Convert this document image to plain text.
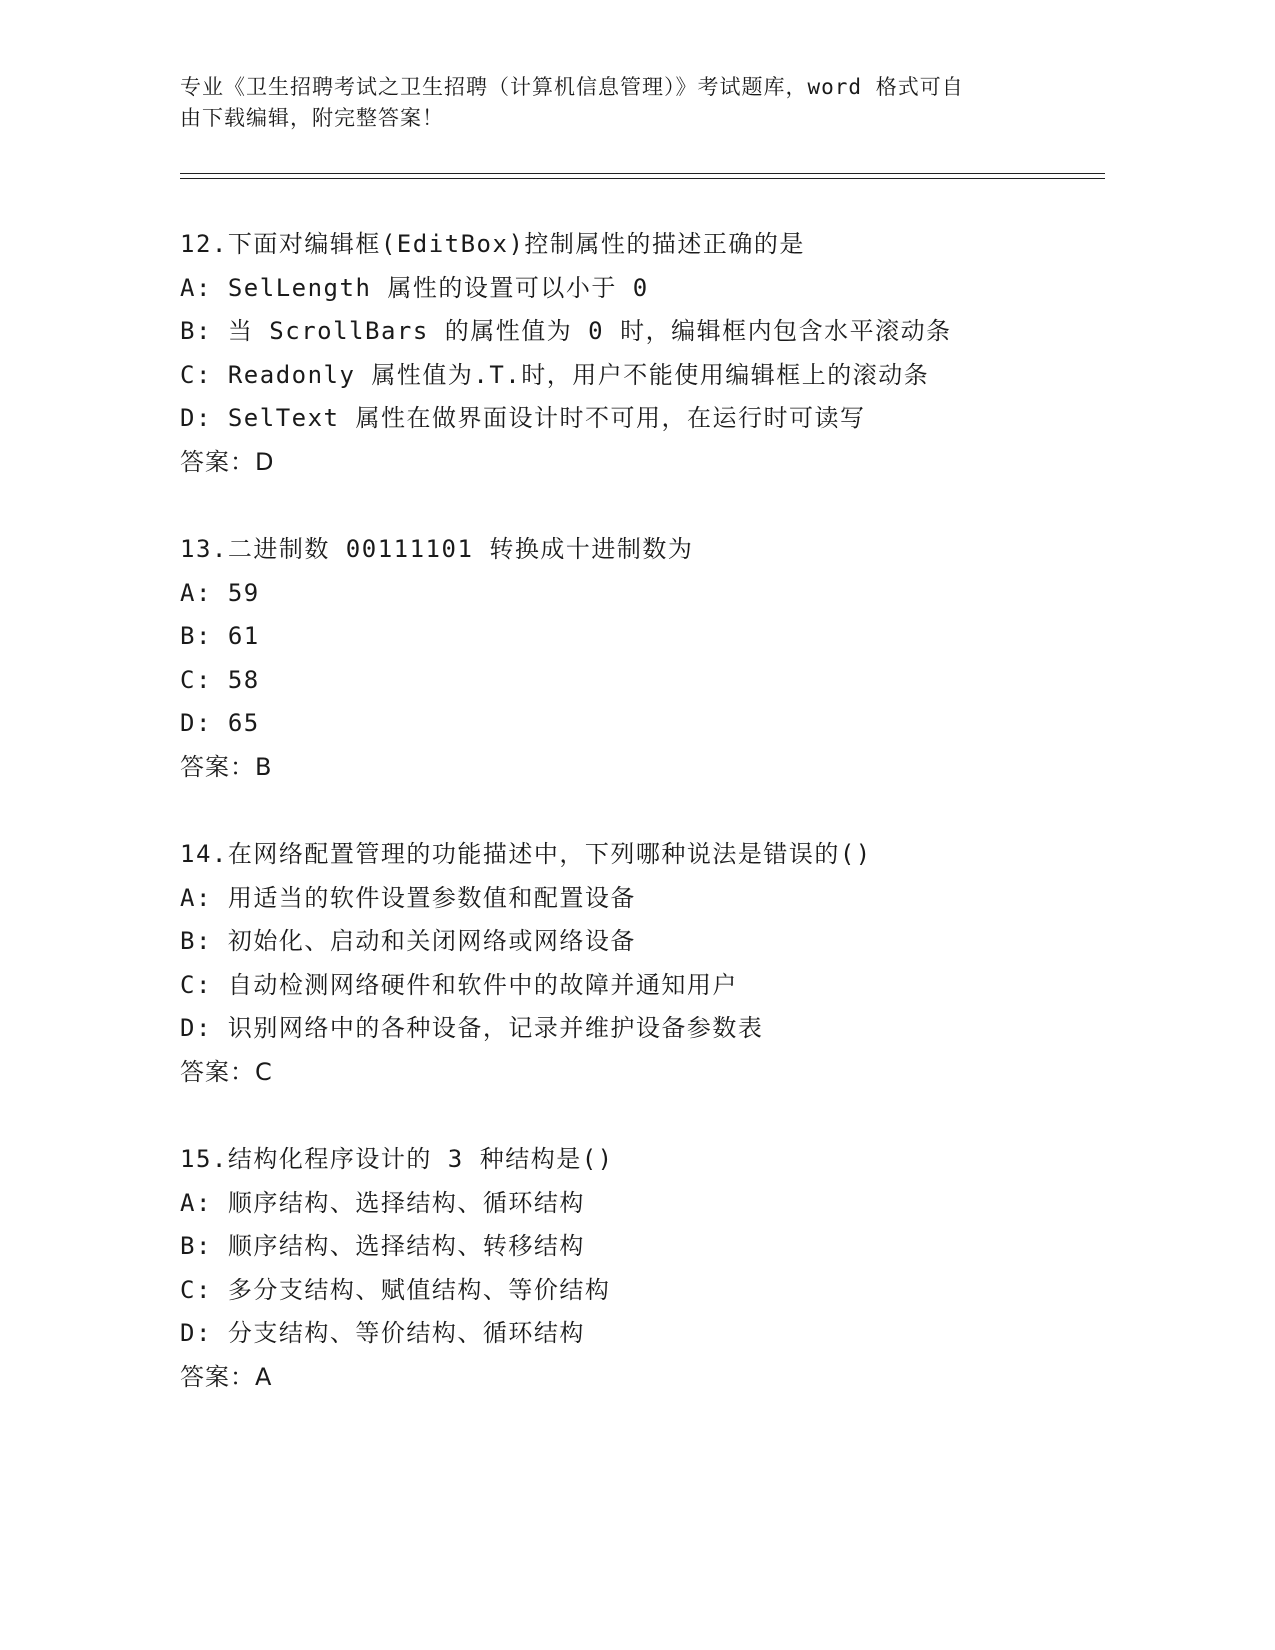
专业《卫生招聘考试之卫生招聘（计算机信息管理）》考试题库，word 格式可自
由下载编辑，附完整答案！
12.下面对编辑框(EditBox)控制属性的描述正确的是
A: SelLength 属性的设置可以小于 0
B: 当 ScrollBars 的属性值为 0 时，编辑框内包含水平滚动条
C: Readonly 属性值为.T.时，用户不能使用编辑框上的滚动条
D: SelText 属性在做界面设计时不可用，在运行时可读写
答案：D
13.二进制数 00111101 转换成十进制数为
A: 59
B: 61
C: 58
D: 65
答案：B
14.在网络配置管理的功能描述中，下列哪种说法是错误的()
A: 用适当的软件设置参数值和配置设备
B: 初始化、启动和关闭网络或网络设备
C: 自动检测网络硬件和软件中的故障并通知用户
D: 识别网络中的各种设备，记录并维护设备参数表
答案：C
15.结构化程序设计的 3 种结构是()
A: 顺序结构、选择结构、循环结构
B: 顺序结构、选择结构、转移结构
C: 多分支结构、赋值结构、等价结构
D: 分支结构、等价结构、循环结构
答案：A
